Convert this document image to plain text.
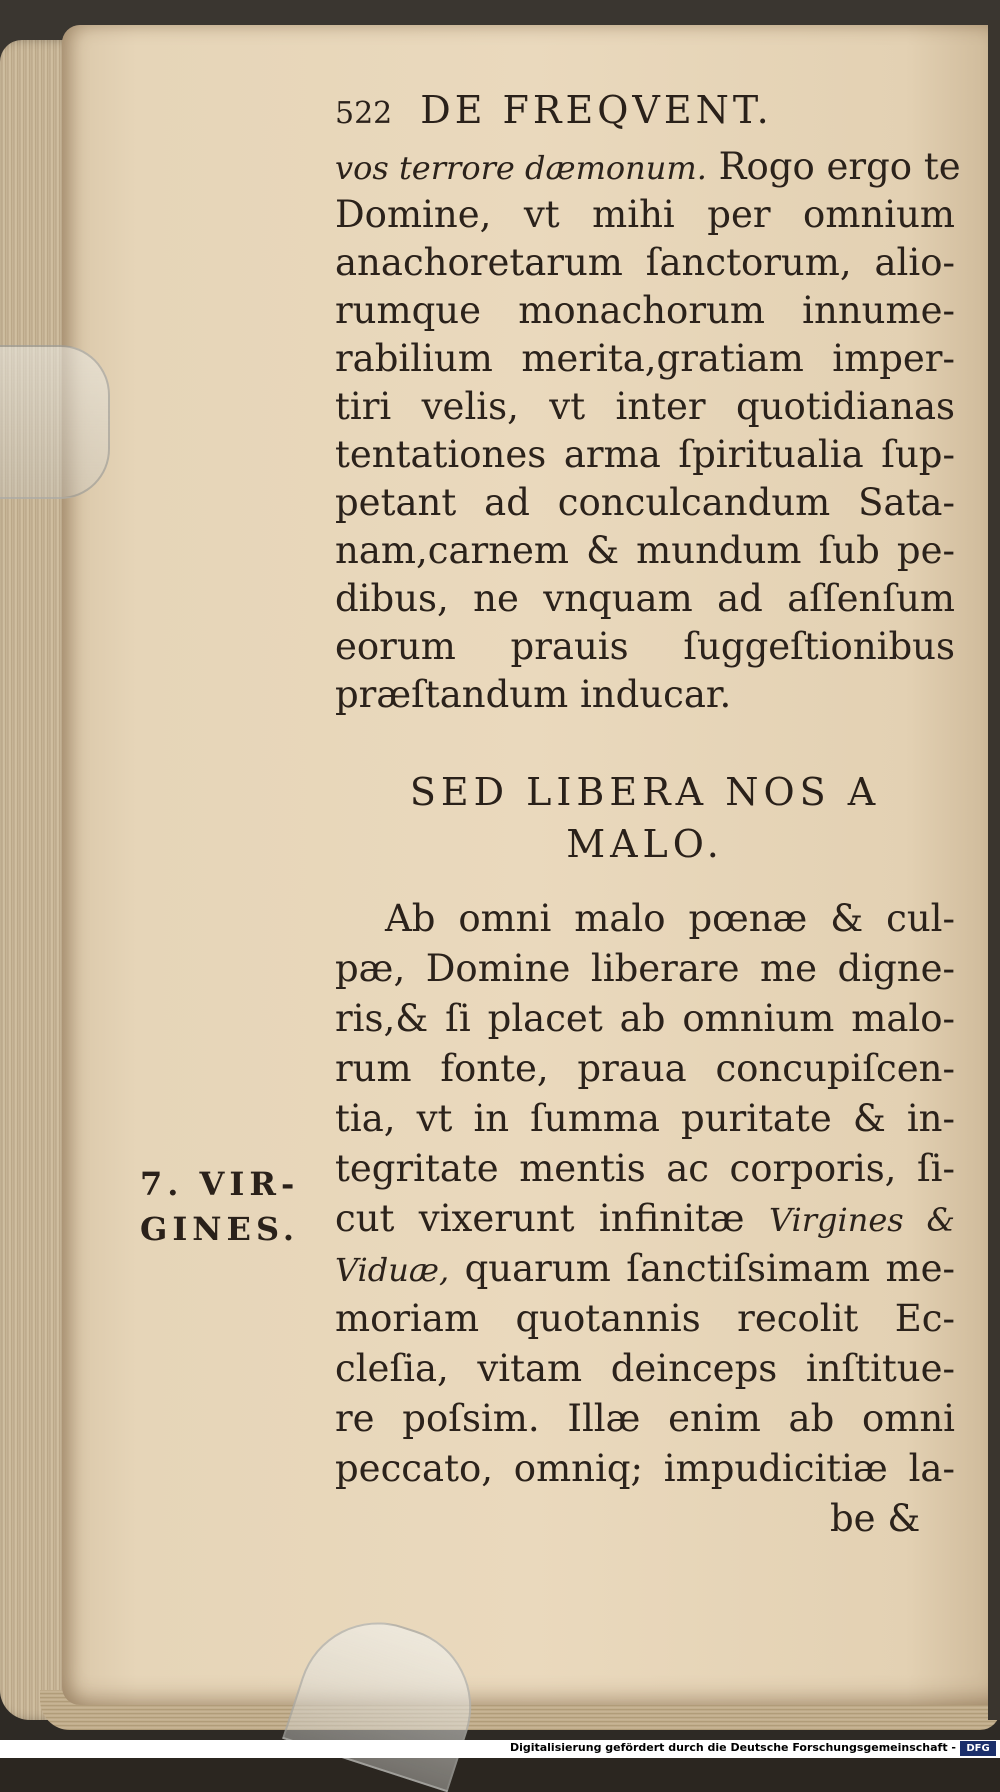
522 DE FREQVENT.
vos terrore dæmonum. Rogo ergo te
Domine, vt mihi per omnium
anachoretarum ſanctorum, alio-
rumque monachorum innume-
rabilium merita,gratiam imper-
tiri velis, vt inter quotidianas
tentationes arma ſpiritualia ſup-
petant ad conculcandum Sata-
nam,carnem & mundum ſub pe-
dibus, ne vnquam ad aſſenſum
eorum prauis ſuggeſtionibus
præſtandum inducar.
SED LIBERA NOS A
MALO.
Ab omni malo pœnæ & cul-
pæ, Domine liberare me digne-
ris,& ſi placet ab omnium malo-
rum fonte, praua concupiſcen-
tia, vt in ſumma puritate & in-
tegritate mentis ac corporis, ſi-
cut vixerunt infinitæ Virgines &
Viduæ, quarum ſanctiſsimam me-
moriam quotannis recolit Ec-
cleſia, vitam deinceps inſtitue-
re poſsim. Illæ enim ab omni
peccato, omniq; impudicitiæ la-
be &
7. VIR-
GINES.
Digitalisierung gefördert durch die Deutsche Forschungsgemeinschaft -	DFG
